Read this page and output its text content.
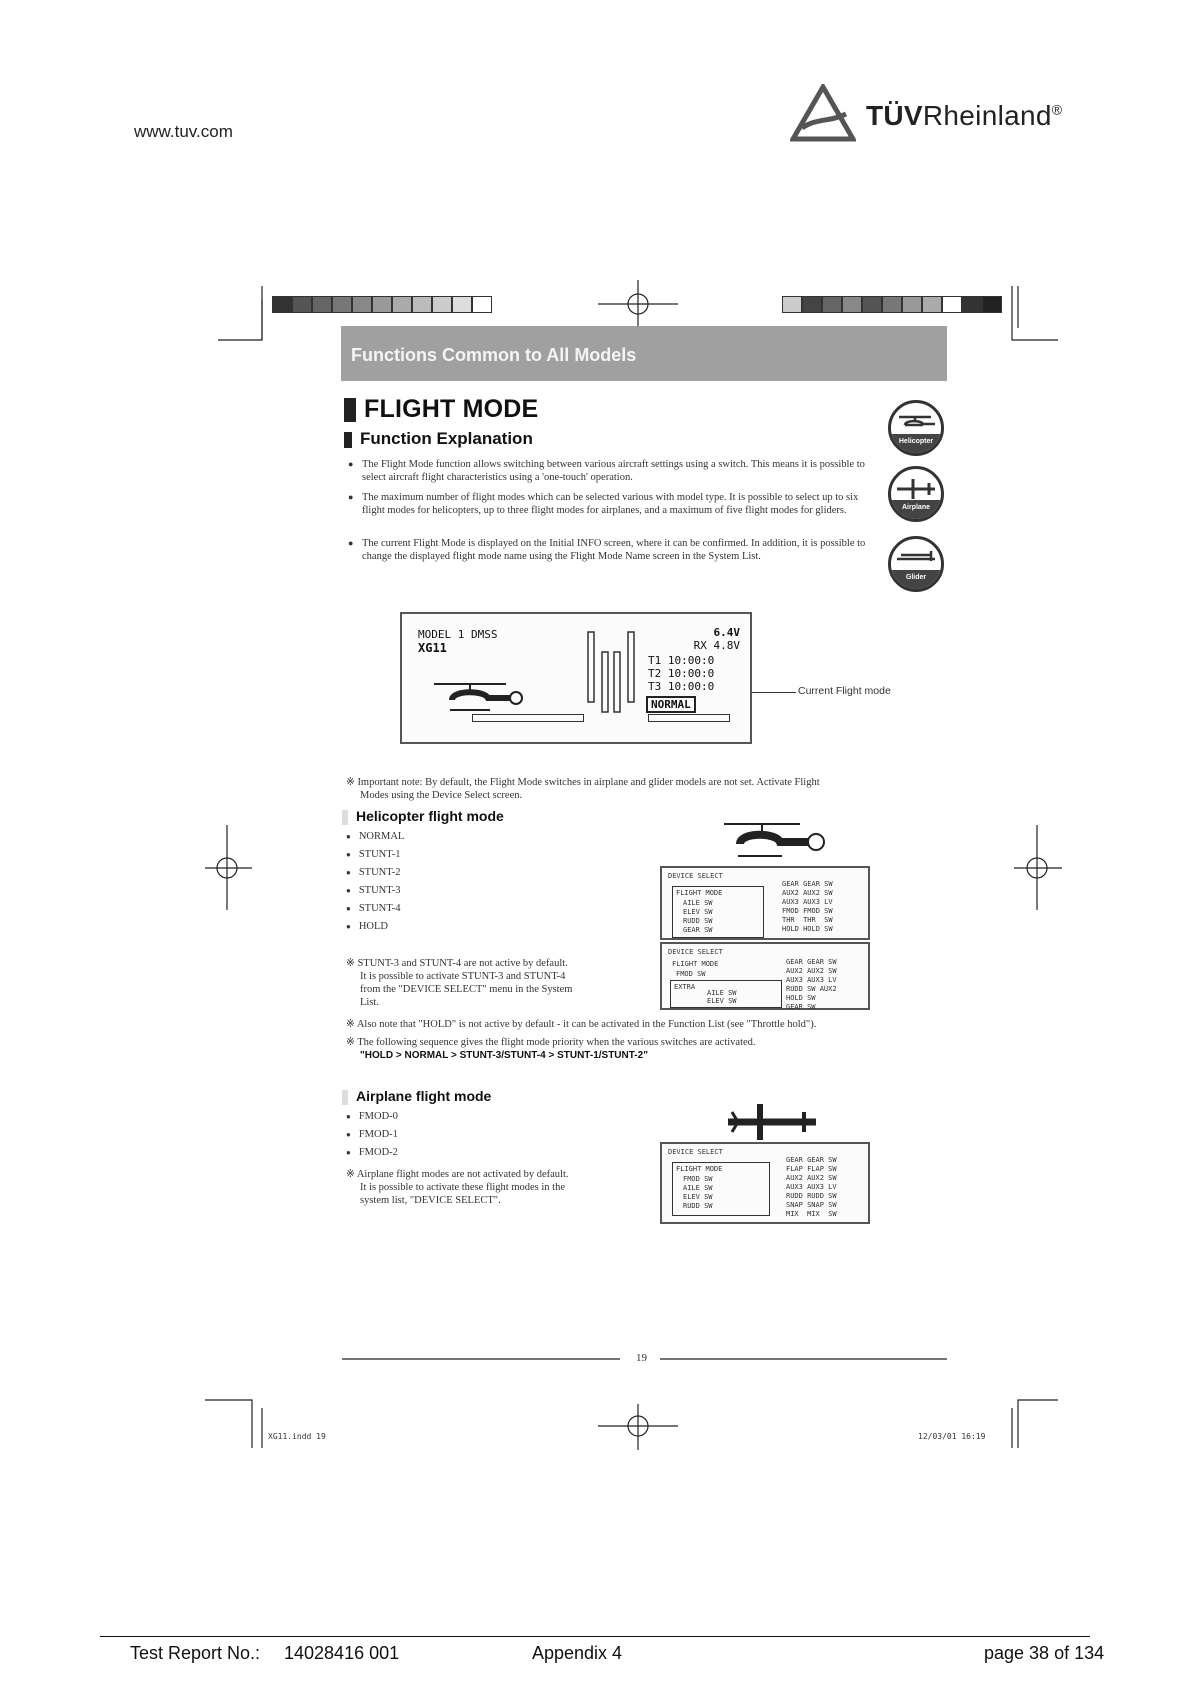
www.tuv.com
TÜVRheinland®
Functions Common to All Models
FLIGHT MODE
Function Explanation
● The Flight Mode function allows switching between various aircraft settings using a switch. This means it is possible to select aircraft flight characteristics using a 'one-touch' operation.
● The maximum number of flight modes which can be selected various with model type. It is possible to select up to six flight modes for helicopters, up to three flight modes for airplanes, and a maximum of five flight modes for gliders.
● The current Flight Mode is displayed on the Initial INFO screen, where it can be confirmed. In addition, it is possible to change the displayed flight mode name using the Flight Mode Name screen in the System List.
Helicopter
Airplane
Glider
MODEL 1 DMSS
XG11
6.4V
RX 4.8V
T1 10:00:0
T2 10:00:0
T3 10:00:0
NORMAL
Current Flight mode
※ Important note: By default, the Flight Mode switches in airplane and glider models are not set. Activate Flight
Modes using the Device Select screen.
Helicopter flight mode
● NORMAL
● STUNT-1
● STUNT-2
● STUNT-3
● STUNT-4
● HOLD
DEVICE SELECT
FLIGHT MODE
AILE SW
ELEV SW
RUDD SW
GEAR SW
GEAR GEAR SW
AUX2 AUX2 SW
AUX3 AUX3 LV
FMOD FMOD SW
THR  THR  SW
HOLD HOLD SW
DEVICE SELECT
FLIGHT MODE
FMOD SW
EXTRA
AILE SW
ELEV SW
GEAR GEAR SW
AUX2 AUX2 SW
AUX3 AUX3 LV
RUDD SW AUX2
HOLD SW
GEAR SW
※ STUNT-3 and STUNT-4 are not active by default.
It is possible to activate STUNT-3 and STUNT-4
from the "DEVICE SELECT" menu in the System
List.
※ Also note that "HOLD" is not active by default - it can be activated in the Function List (see "Throttle hold").
※ The following sequence gives the flight mode priority when the various switches are activated.
"HOLD > NORMAL > STUNT-3/STUNT-4 > STUNT-1/STUNT-2"
Airplane flight mode
● FMOD-0
● FMOD-1
● FMOD-2
※ Airplane flight modes are not activated by default.
It is possible to activate these flight modes in the
system list, "DEVICE SELECT".
DEVICE SELECT
FLIGHT MODE
FMOD SW
AILE SW
ELEV SW
RUDD SW
GEAR GEAR SW
FLAP FLAP SW
AUX2 AUX2 SW
AUX3 AUX3 LV
RUDD RUDD SW
SNAP SNAP SW
MIX  MIX  SW
19
XG11.indd 19	12/03/01 16:19
Test Report No.: 14028416 001	Appendix 4	page 38 of 134
